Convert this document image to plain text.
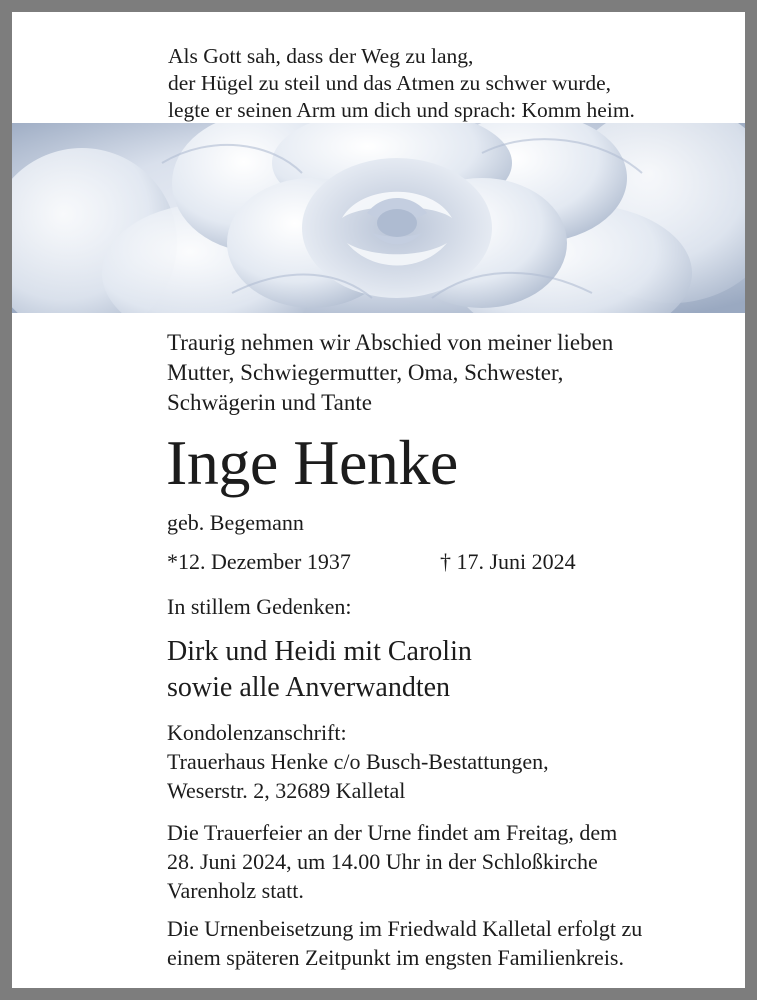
Als Gott sah, dass der Weg zu lang,
der Hügel zu steil und das Atmen zu schwer wurde,
legte er seinen Arm um dich und sprach: Komm heim.
Traurig nehmen wir Abschied von meiner lieben
Mutter, Schwiegermutter, Oma, Schwester,
Schwägerin und Tante
Inge Henke
geb. Begemann
*12. Dezember 1937	† 17. Juni 2024
In stillem Gedenken:
Dirk und Heidi mit Carolin
sowie alle Anverwandten
Kondolenzanschrift:
Trauerhaus Henke c/o Busch-Bestattungen,
Weserstr. 2, 32689 Kalletal
Die Trauerfeier an der Urne findet am Freitag, dem
28. Juni 2024, um 14.00 Uhr in der Schloßkirche
Varenholz statt.
Die Urnenbeisetzung im Friedwald Kalletal erfolgt zu
einem späteren Zeitpunkt im engsten Familienkreis.
